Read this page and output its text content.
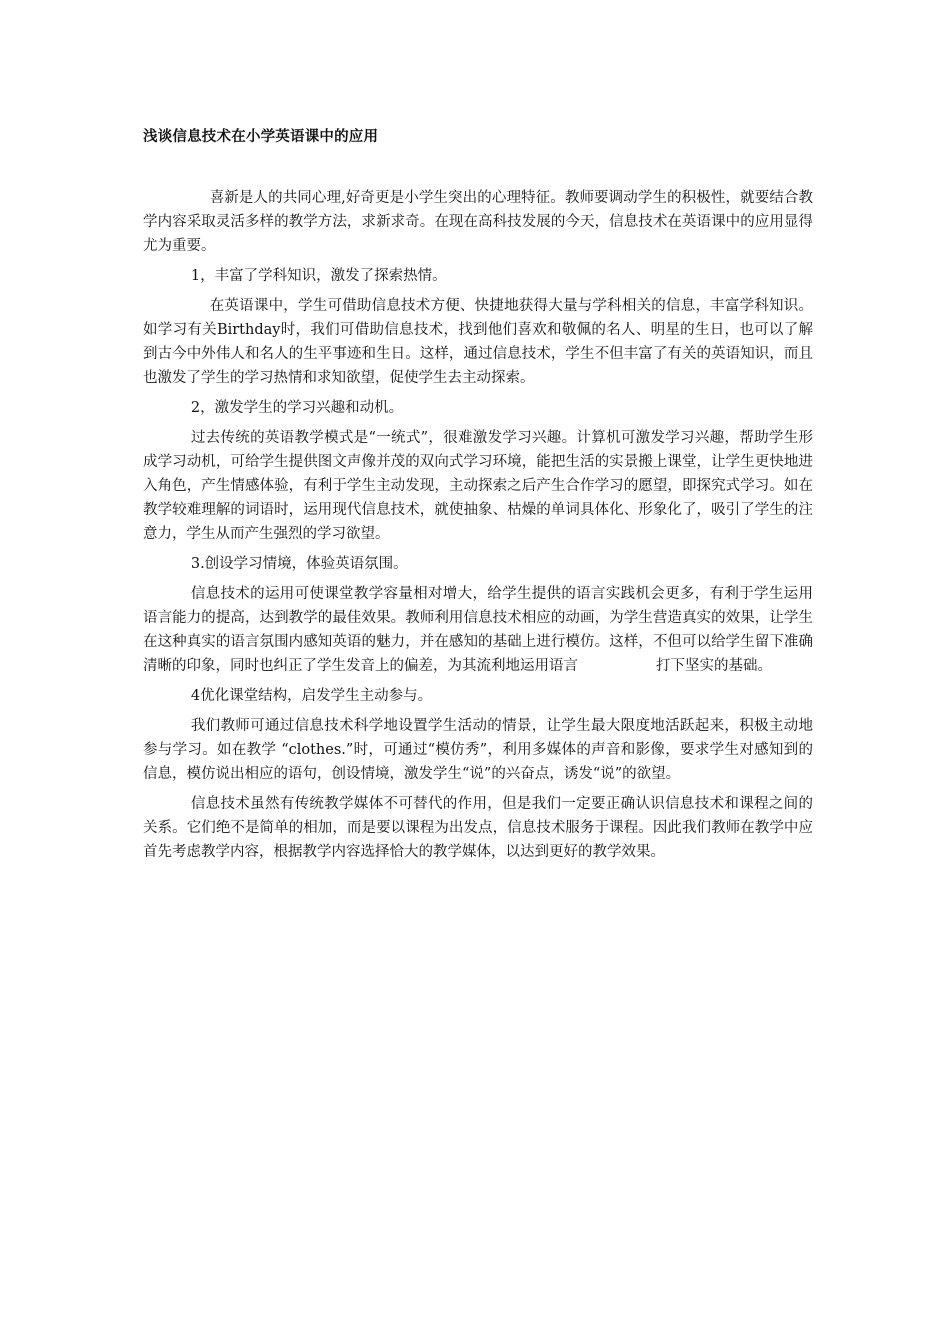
浅谈信息技术在小学英语课中的应用

喜新是人的共同心理,好奇更是小学生突出的心理特征。教师要调动学生的积极性，就要结合教学内容采取灵活多样的教学方法，求新求奇。在现在高科技发展的今天，信息技术在英语课中的应用显得尤为重要。

1，丰富了学科知识，激发了探索热情。

在英语课中，学生可借助信息技术方便、快捷地获得大量与学科相关的信息，丰富学科知识。如学习有关Birthday时，我们可借助信息技术，找到他们喜欢和敬佩的名人、明星的生日，也可以了解到古今中外伟人和名人的生平事迹和生日。这样，通过信息技术，学生不但丰富了有关的英语知识，而且也激发了学生的学习热情和求知欲望，促使学生去主动探索。

2，激发学生的学习兴趣和动机。

过去传统的英语教学模式是“一统式”，很难激发学习兴趣。计算机可激发学习兴趣，帮助学生形成学习动机，可给学生提供图文声像并茂的双向式学习环境，能把生活的实景搬上课堂，让学生更快地进入角色，产生情感体验，有利于学生主动发现，主动探索之后产生合作学习的愿望，即探究式学习。如在教学较难理解的词语时，运用现代信息技术，就使抽象、枯燥的单词具体化、形象化了，吸引了学生的注意力，学生从而产生强烈的学习欲望。

3.创设学习情境，体验英语氛围。

信息技术的运用可使课堂教学容量相对增大，给学生提供的语言实践机会更多，有利于学生运用语言能力的提高，达到教学的最佳效果。教师利用信息技术相应的动画，为学生营造真实的效果，让学生在这种真实的语言氛围内感知英语的魅力，并在感知的基础上进行模仿。这样，不但可以给学生留下准确清晰的印象，同时也纠正了学生发音上的偏差，为其流利地运用语言	打下坚实的基础。

4优化课堂结构，启发学生主动参与。

我们教师可通过信息技术科学地设置学生活动的情景，让学生最大限度地活跃起来，积极主动地参与学习。如在教学 “clothes.”时，可通过“模仿秀”，利用多媒体的声音和影像，要求学生对感知到的信息，模仿说出相应的语句，创设情境，激发学生“说”的兴奋点，诱发“说”的欲望。

信息技术虽然有传统教学媒体不可替代的作用，但是我们一定要正确认识信息技术和课程之间的关系。它们绝不是简单的相加，而是要以课程为出发点，信息技术服务于课程。因此我们教师在教学中应首先考虑教学内容，根据教学内容选择恰大的教学媒体，以达到更好的教学效果。
